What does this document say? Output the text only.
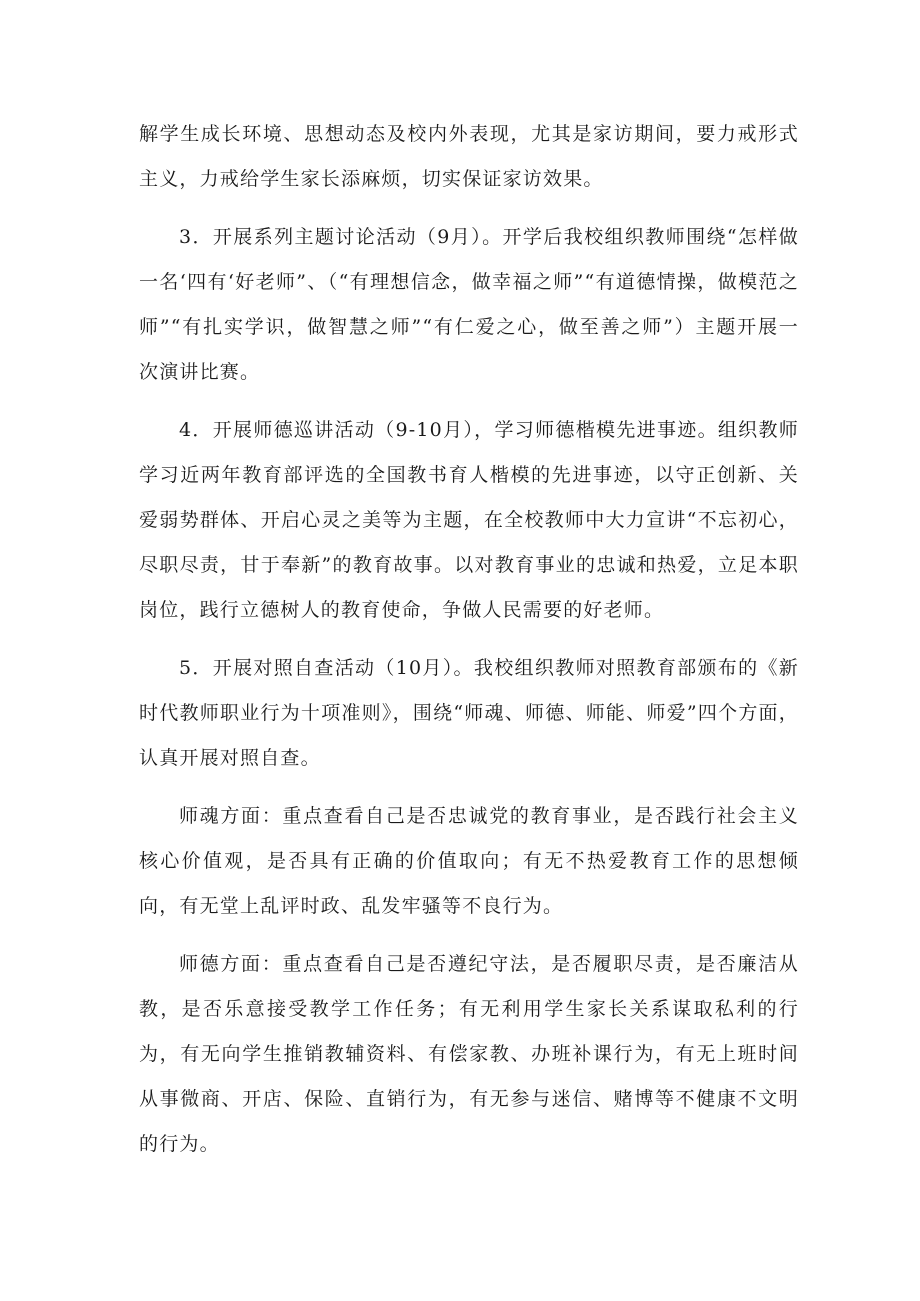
解学生成长环境、思想动态及校内外表现，尤其是家访期间，要力戒形式主义，力戒给学生家长添麻烦，切实保证家访效果。

3．开展系列主题讨论活动（9月）。开学后我校组织教师围绕“怎样做一名‘四有‘好老师”、（“有理想信念，做幸福之师”“有道德情操，做模范之师”“有扎实学识，做智慧之师”“有仁爱之心，做至善之师”）主题开展一次演讲比赛。

4．开展师德巡讲活动（9-10月），学习师德楷模先进事迹。组织教师学习近两年教育部评选的全国教书育人楷模的先进事迹，以守正创新、关爱弱势群体、开启心灵之美等为主题，在全校教师中大力宣讲“不忘初心，尽职尽责，甘于奉新”的教育故事。以对教育事业的忠诚和热爱，立足本职岗位，践行立德树人的教育使命，争做人民需要的好老师。

5．开展对照自查活动（10月）。我校组织教师对照教育部颁布的《新时代教师职业行为十项准则》，围绕“师魂、师德、师能、师爱”四个方面，认真开展对照自查。

师魂方面：重点查看自己是否忠诚党的教育事业，是否践行社会主义核心价值观，是否具有正确的价值取向；有无不热爱教育工作的思想倾向，有无堂上乱评时政、乱发牢骚等不良行为。

师德方面：重点查看自己是否遵纪守法，是否履职尽责，是否廉洁从教，是否乐意接受教学工作任务；有无利用学生家长关系谋取私利的行为，有无向学生推销教辅资料、有偿家教、办班补课行为，有无上班时间从事微商、开店、保险、直销行为，有无参与迷信、赌博等不健康不文明的行为。
